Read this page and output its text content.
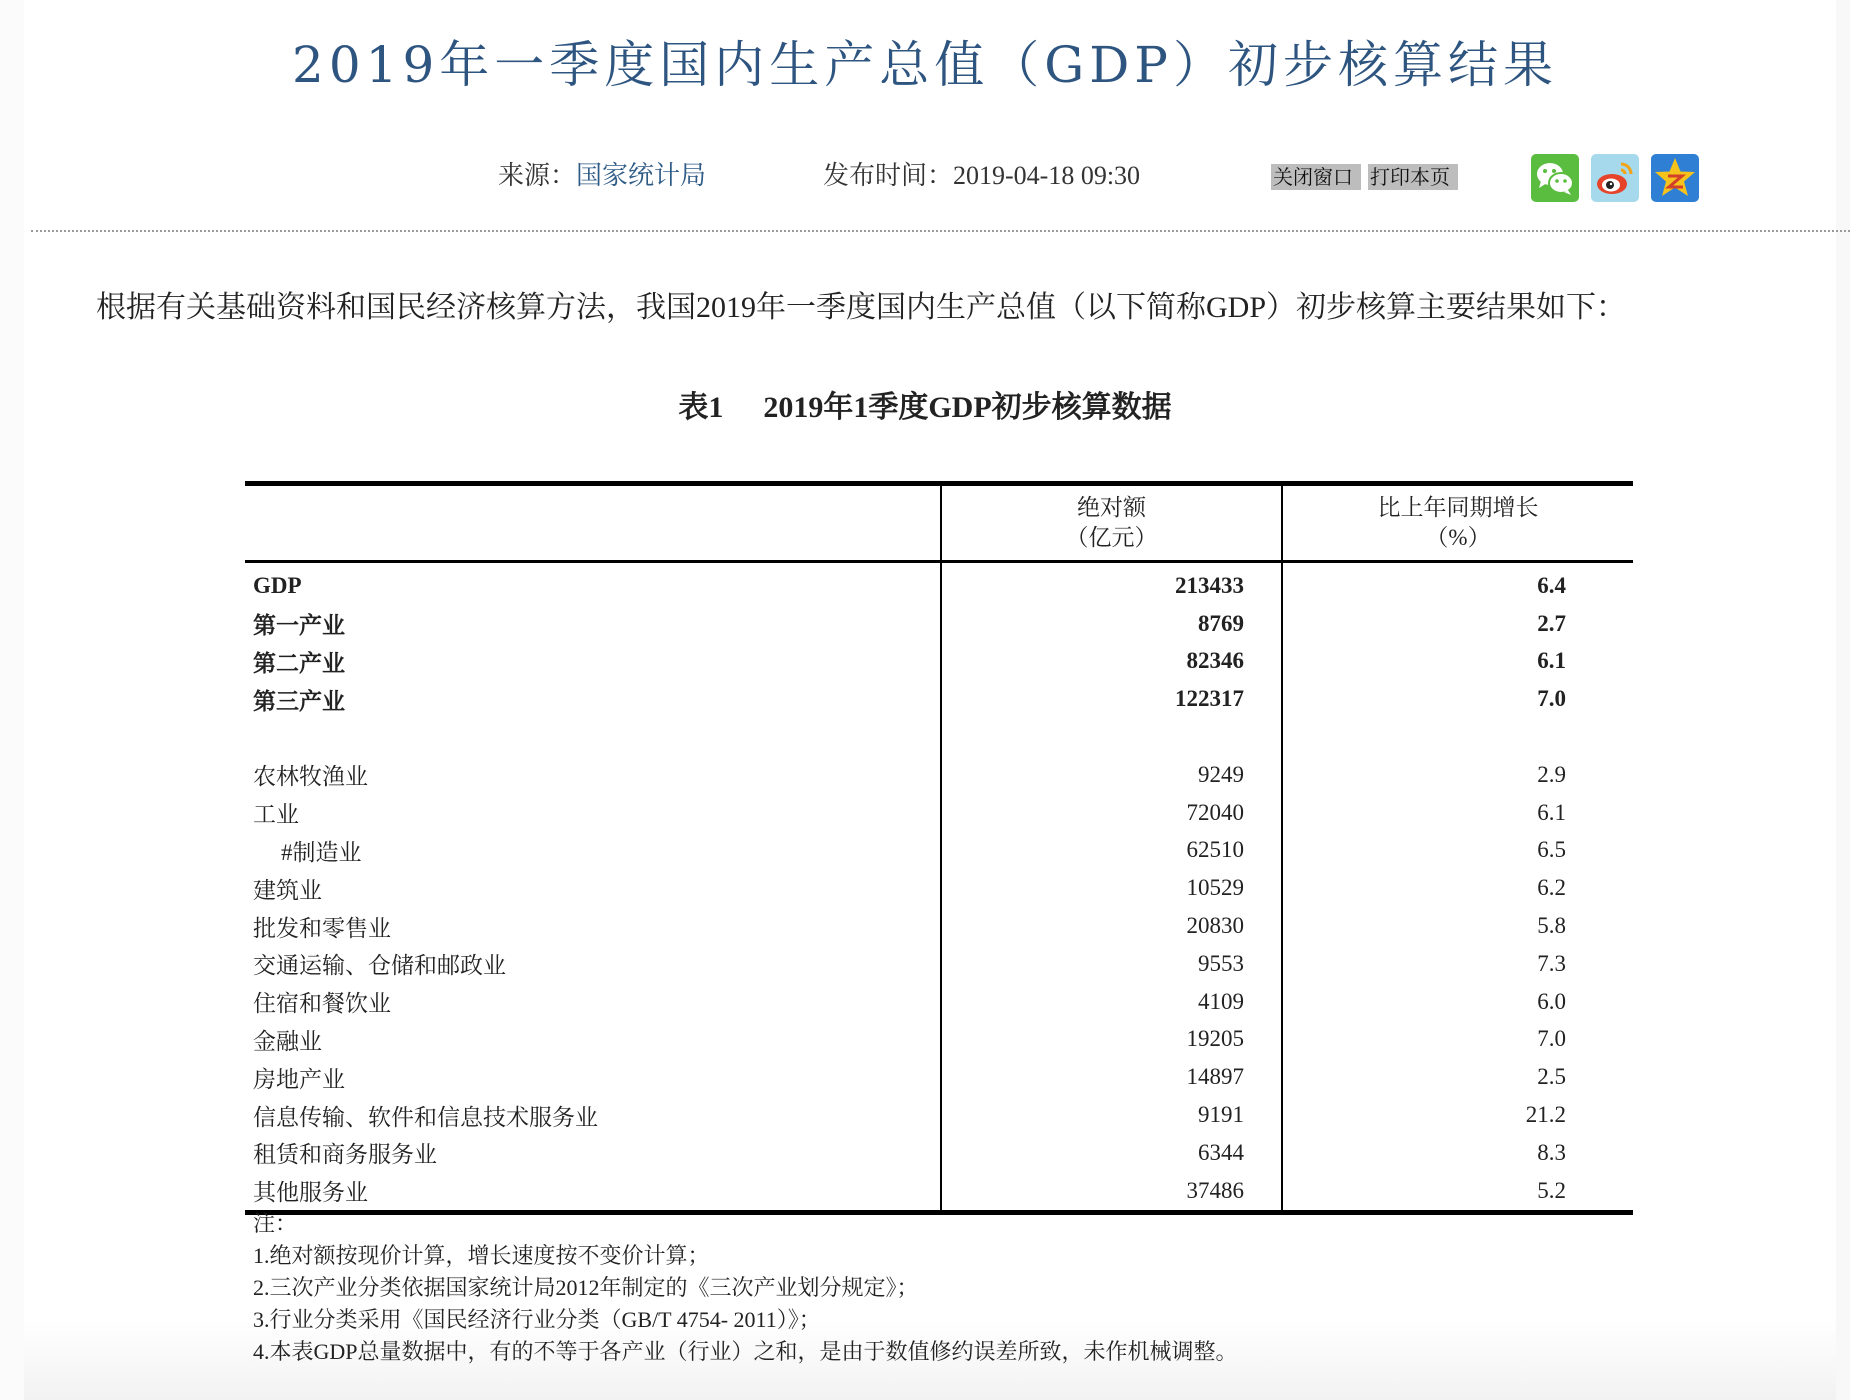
2019年一季度国内生产总值（GDP）初步核算结果
来源：国家统计局	发布时间：2019-04-18 09:30	关闭窗口 打印本页

根据有关基础资料和国民经济核算方法，我国2019年一季度国内生产总值（以下简称GDP）初步核算主要结果如下：

表1 2019年1季度GDP初步核算数据

绝对额
（亿元）

比上年同期增长
（%）

GDP	213433	6.4
第一产业	8769	2.7
第二产业	82346	6.1
第三产业	122317	7.0

农林牧渔业	9249	2.9
工业	72040	6.1
#制造业	62510	6.5
建筑业	10529	6.2
批发和零售业	20830	5.8
交通运输、仓储和邮政业	9553	7.3
住宿和餐饮业	4109	6.0
金融业	19205	7.0
房地产业	14897	2.5
信息传输、软件和信息技术服务业	9191	21.2
租赁和商务服务业	6344	8.3
其他服务业	37486	5.2
注：
1.绝对额按现价计算，增长速度按不变价计算；
2.三次产业分类依据国家统计局2012年制定的《三次产业划分规定》；
3.行业分类采用《国民经济行业分类（GB/T 4754- 2011）》；
4.本表GDP总量数据中，有的不等于各产业（行业）之和，是由于数值修约误差所致，未作机械调整。
